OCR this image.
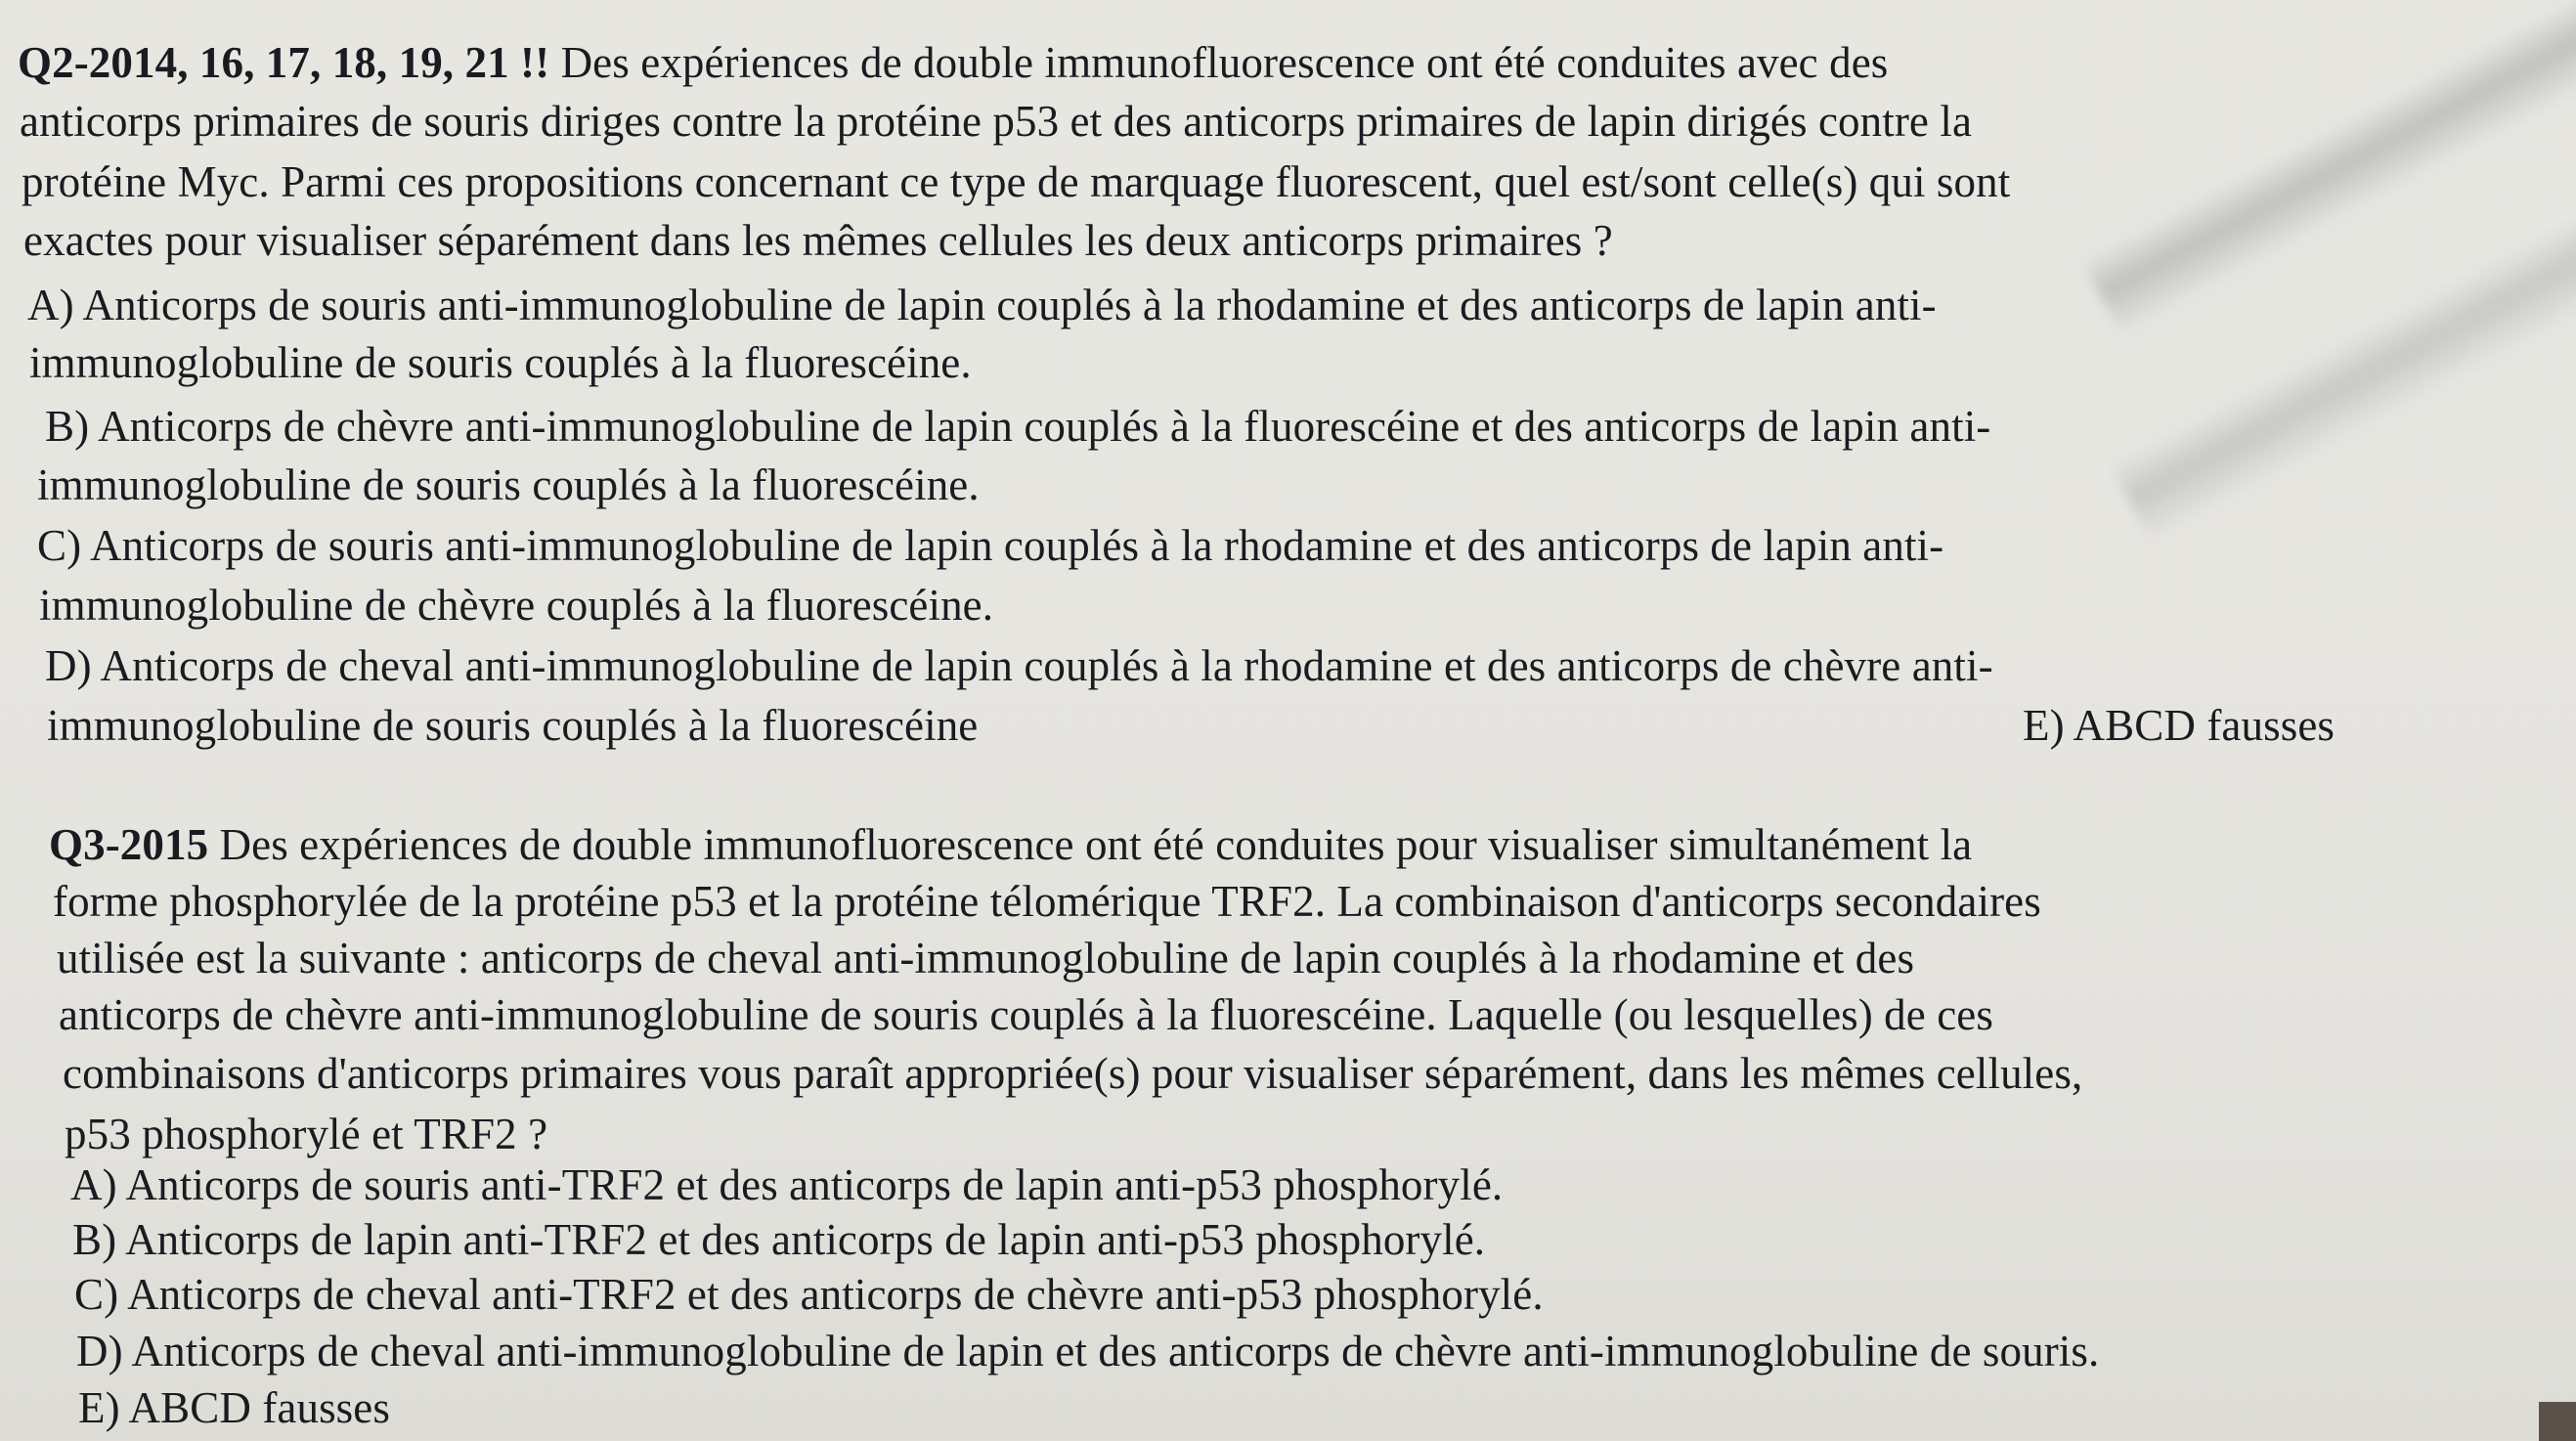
Q2-2014, 16, 17, 18, 19, 21 !! Des expériences de double immunofluorescence ont été conduites avec des

anticorps primaires de souris diriges contre la protéine p53 et des anticorps primaires de lapin dirigés contre la

protéine Myc. Parmi ces propositions concernant ce type de marquage fluorescent, quel est/sont celle(s) qui sont

exactes pour visualiser séparément dans les mêmes cellules les deux anticorps primaires ?

A) Anticorps de souris anti-immunoglobuline de lapin couplés à la rhodamine et des anticorps de lapin anti-

immunoglobuline de souris couplés à la fluorescéine.

B) Anticorps de chèvre anti-immunoglobuline de lapin couplés à la fluorescéine et des anticorps de lapin anti-

immunoglobuline de souris couplés à la fluorescéine.

C) Anticorps de souris anti-immunoglobuline de lapin couplés à la rhodamine et des anticorps de lapin anti-

immunoglobuline de chèvre couplés à la fluorescéine.

D) Anticorps de cheval anti-immunoglobuline de lapin couplés à la rhodamine et des anticorps de chèvre anti-

immunoglobuline de souris couplés à la fluorescéine	E) ABCD fausses

Q3-2015 Des expériences de double immunofluorescence ont été conduites pour visualiser simultanément la

forme phosphorylée de la protéine p53 et la protéine télomérique TRF2. La combinaison d'anticorps secondaires

utilisée est la suivante : anticorps de cheval anti-immunoglobuline de lapin couplés à la rhodamine et des

anticorps de chèvre anti-immunoglobuline de souris couplés à la fluorescéine. Laquelle (ou lesquelles) de ces

combinaisons d'anticorps primaires vous paraît appropriée(s) pour visualiser séparément, dans les mêmes cellules,

p53 phosphorylé et TRF2 ?

A) Anticorps de souris anti-TRF2 et des anticorps de lapin anti-p53 phosphorylé.

B) Anticorps de lapin anti-TRF2 et des anticorps de lapin anti-p53 phosphorylé.

C) Anticorps de cheval anti-TRF2 et des anticorps de chèvre anti-p53 phosphorylé.

D) Anticorps de cheval anti-immunoglobuline de lapin et des anticorps de chèvre anti-immunoglobuline de souris.

E) ABCD fausses
